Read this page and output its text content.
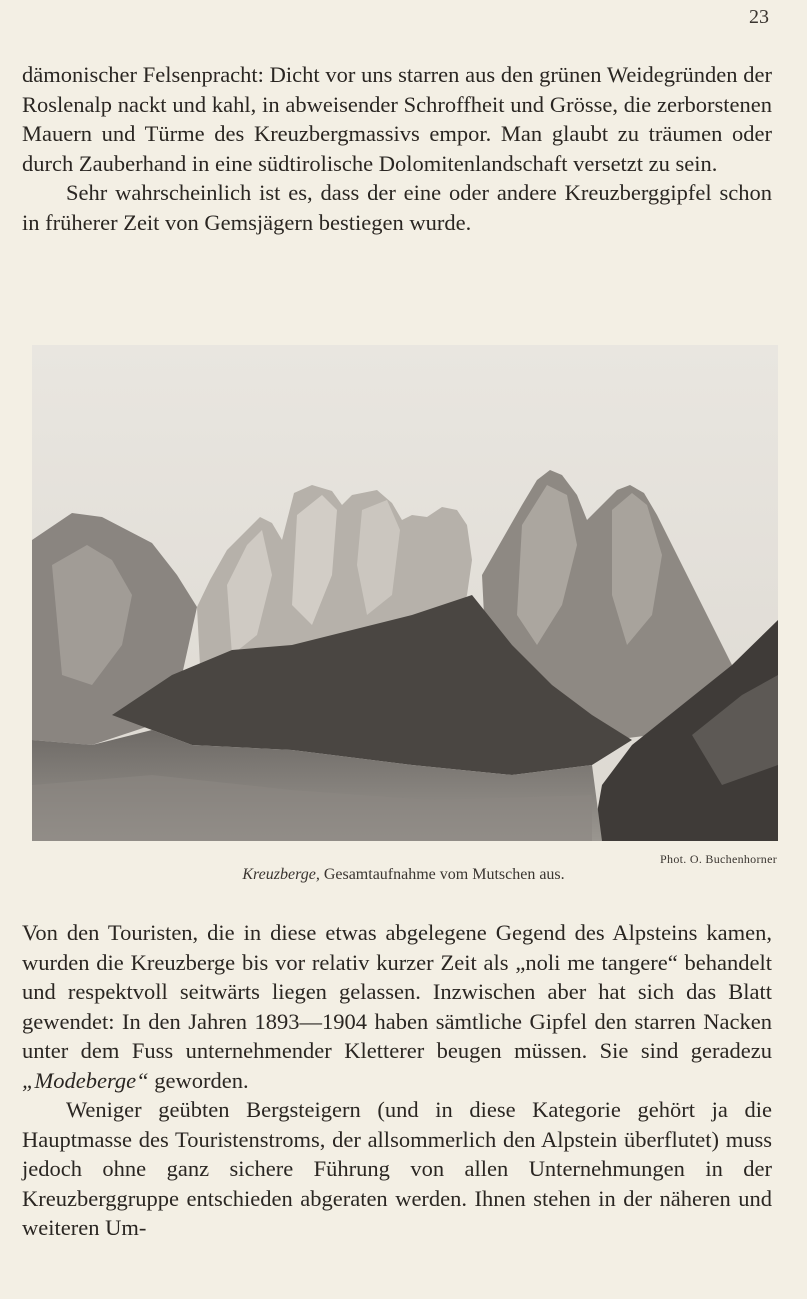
23

dämonischer Felsenpracht: Dicht vor uns starren aus den grünen Weidegründen der Roslenalp nackt und kahl, in abweisender Schroffheit und Grösse, die zerborstenen Mauern und Türme des Kreuzbergmassivs empor. Man glaubt zu träumen oder durch Zauberhand in eine südtirolische Dolomitenlandschaft versetzt zu sein.

Sehr wahrscheinlich ist es, dass der eine oder andere Kreuzberggipfel schon in früherer Zeit von Gemsjägern bestiegen wurde.

Phot. O. Buchenhorner
Kreuzberge, Gesamtaufnahme vom Mutschen aus.

Von den Touristen, die in diese etwas abgelegene Gegend des Alpsteins kamen, wurden die Kreuzberge bis vor relativ kurzer Zeit als „noli me tangere“ behandelt und respektvoll seitwärts liegen gelassen. Inzwischen aber hat sich das Blatt gewendet: In den Jahren 1893—1904 haben sämtliche Gipfel den starren Nacken unter dem Fuss unternehmender Kletterer beugen müssen. Sie sind geradezu „Modeberge“ geworden.

Weniger geübten Bergsteigern (und in diese Kategorie gehört ja die Hauptmasse des Touristenstroms, der allsommerlich den Alpstein überflutet) muss jedoch ohne ganz sichere Führung von allen Unternehmungen in der Kreuzberggruppe entschieden abgeraten werden. Ihnen stehen in der näheren und weiteren Um-
